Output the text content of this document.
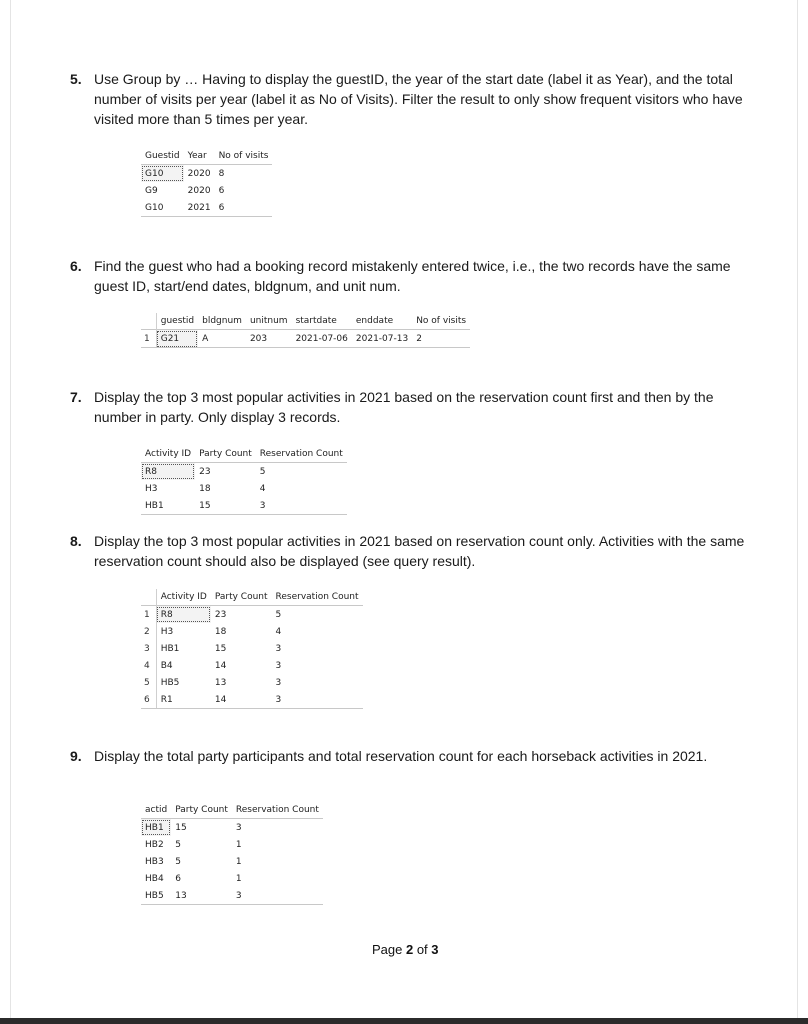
5. Use Group by … Having to display the guestID, the year of the start date (label it as Year), and the total number of visits per year (label it as No of Visits). Filter the result to only show frequent visitors who have visited more than 5 times per year.
Guestid	Year	No of visits
G10	2020	8
G9	2020	6
G10	2021	6
6. Find the guest who had a booking record mistakenly entered twice, i.e., the two records have the same guest ID, start/end dates, bldgnum, and unit num.
	guestid	bldgnum	unitnum	startdate	enddate	No of visits
1	G21	A	203	2021-07-06	2021-07-13	2
7. Display the top 3 most popular activities in 2021 based on the reservation count first and then by the number in party. Only display 3 records.
Activity ID	Party Count	Reservation Count
R8	23	5
H3	18	4
HB1	15	3
8. Display the top 3 most popular activities in 2021 based on reservation count only. Activities with the same reservation count should also be displayed (see query result).
	Activity ID	Party Count	Reservation Count
1	R8	23	5
2	H3	18	4
3	HB1	15	3
4	B4	14	3
5	HB5	13	3
6	R1	14	3
9. Display the total party participants and total reservation count for each horseback activities in 2021.
actid	Party Count	Reservation Count
HB1	15	3
HB2	5	1
HB3	5	1
HB4	6	1
HB5	13	3
Page 2 of 3
